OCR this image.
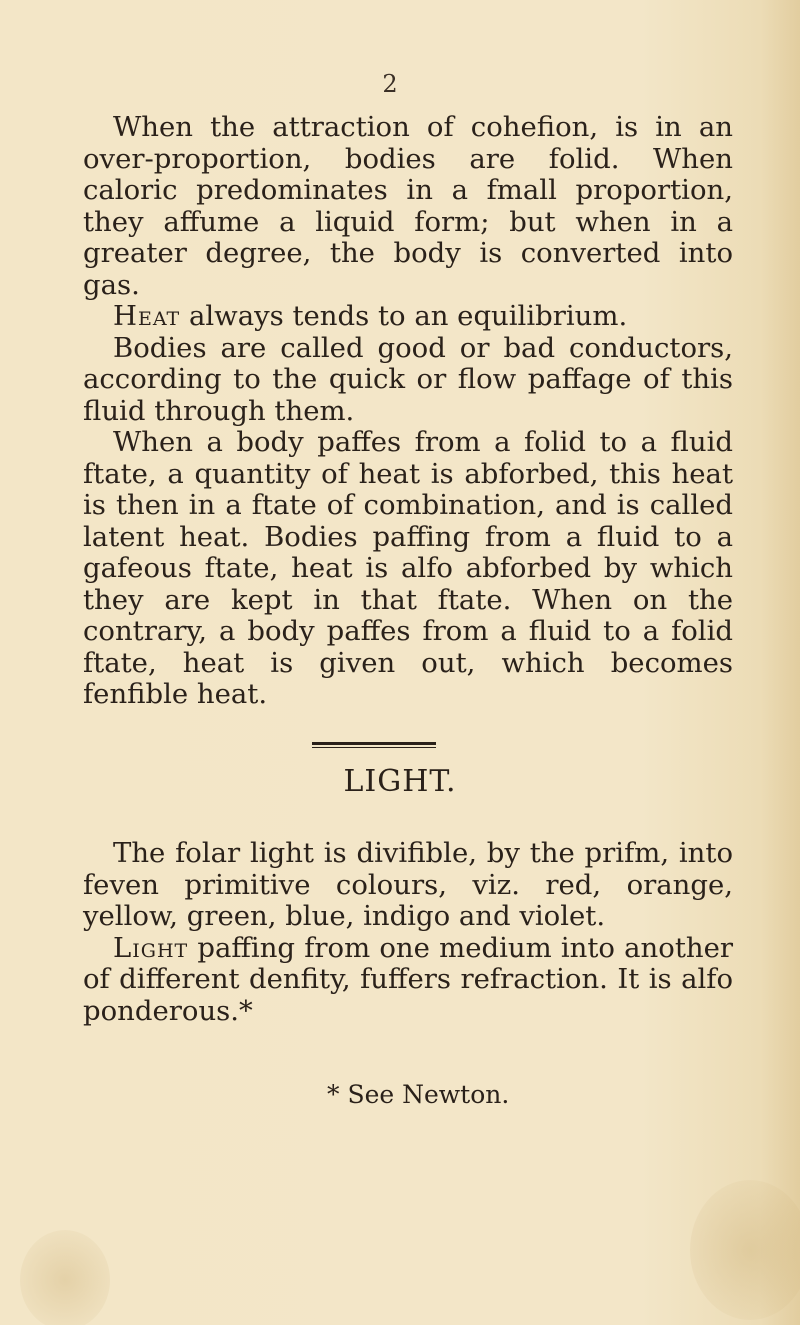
2

When the attraction of cohefion, is in an over-proportion, bodies are folid. When caloric predominates in a fmall proportion, they affume a liquid form; but when in a greater degree, the body is converted into gas.

Heat always tends to an equilibrium.

Bodies are called good or bad conductors, according to the quick or flow paffage of this fluid through them.

When a body paffes from a folid to a fluid ftate, a quantity of heat is abforbed, this heat is then in a ftate of combination, and is called latent heat. Bodies paffing from a fluid to a gafeous ftate, heat is alfo abforbed by which they are kept in that ftate. When on the contrary, a body paffes from a fluid to a folid ftate, heat is given out, which becomes fenfible heat.

LIGHT.

The folar light is divifible, by the prifm, into feven primitive colours, viz. red, orange, yellow, green, blue, indigo and violet.

Light paffing from one medium into another of different denfity, fuffers refraction. It is alfo ponderous.*

* See Newton.
